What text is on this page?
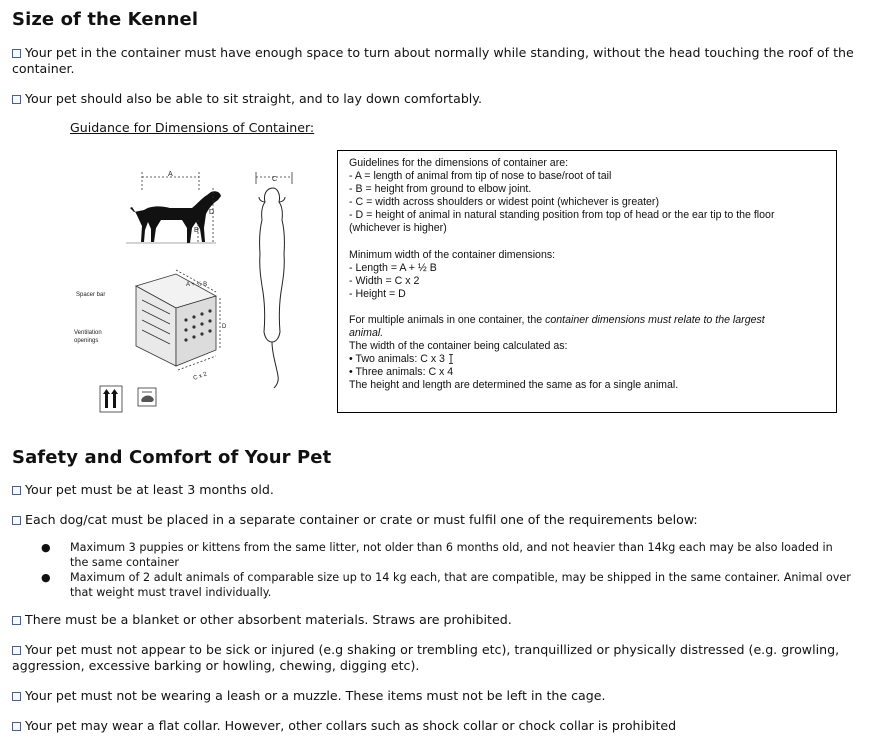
Size of the Kennel
Your pet in the container must have enough space to turn about normally while standing, without the head touching the roof of the container.
Your pet should also be able to sit straight, and to lay down comfortably.
Guidance for Dimensions of Container:
A
D
B
A + ½ B
D
C x 2
Spacer bar
Ventilation
openings
C
Guidelines for the dimensions of container are:
- A = length of animal from tip of nose to base/root of tail
- B = height from ground to elbow joint.
- C = width across shoulders or widest point (whichever is greater)
- D = height of animal in natural standing position from top of head or the ear tip to the floor
(whichever is higher)
Minimum width of the container dimensions:
- Length = A + ½ B
- Width = C x 2
- Height = D
For multiple animals in one container, the container dimensions must relate to the largest
animal.
The width of the container being calculated as:
• Two animals: C x 3
• Three animals: C x 4
The height and length are determined the same as for a single animal.
Safety and Comfort of Your Pet
Your pet must be at least 3 months old.
Each dog/cat must be placed in a separate container or crate or must fulfil one of the requirements below:
● Maximum 3 puppies or kittens from the same litter, not older than 6 months old, and not heavier than 14kg each may be also loaded in the same container
● Maximum of 2 adult animals of comparable size up to 14 kg each, that are compatible, may be shipped in the same container. Animal over that weight must travel individually.
There must be a blanket or other absorbent materials. Straws are prohibited.
Your pet must not appear to be sick or injured (e.g shaking or trembling etc), tranquillized or physically distressed (e.g. growling, aggression, excessive barking or howling, chewing, digging etc).
Your pet must not be wearing a leash or a muzzle. These items must not be left in the cage.
Your pet may wear a flat collar. However, other collars such as shock collar or chock collar is prohibited
